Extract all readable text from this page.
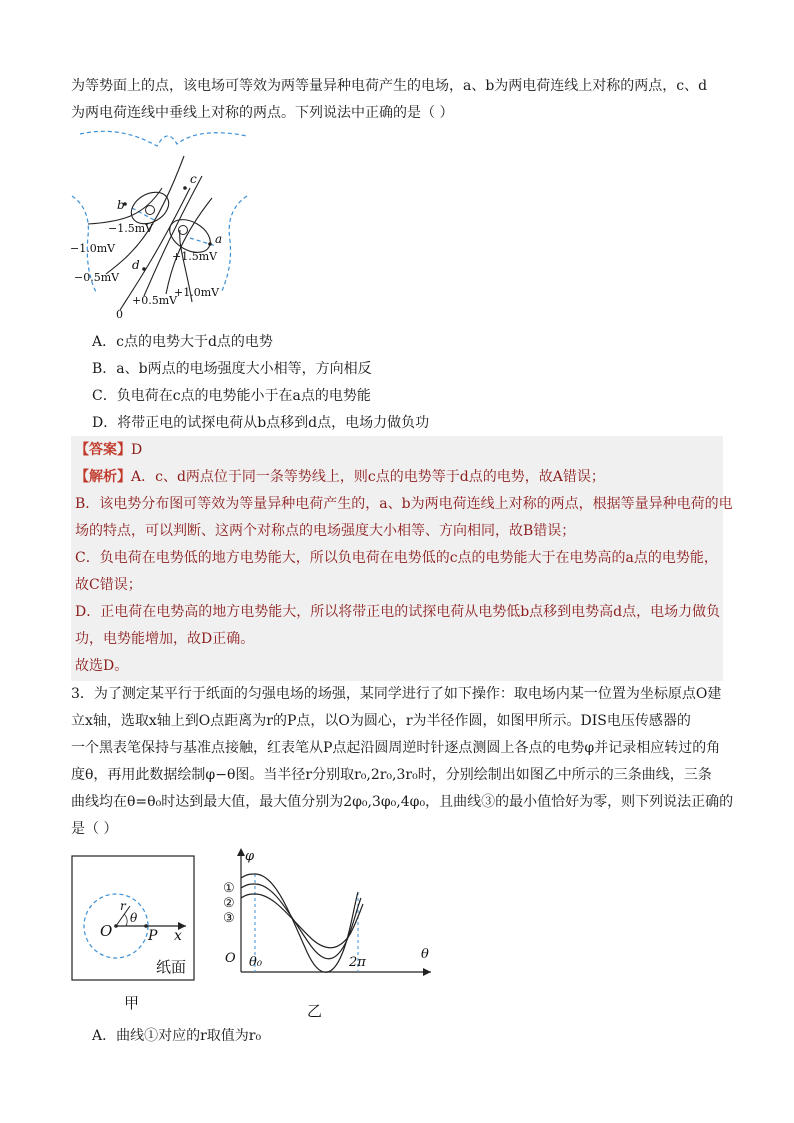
为等势面上的点，该电场可等效为两等量异种电荷产生的电场，a、b为两电荷连线上对称的两点，c、d
为两电荷连线中垂线上对称的两点。下列说法中正确的是（ ）
b
c
a
d
0
−1.5mV
−1.0mV
−0.5mV
+1.5mV
+1.0mV
+0.5mV
A．c点的电势大于d点的电势
B．a、b两点的电场强度大小相等，方向相反
C．负电荷在c点的电势能小于在a点的电势能
D．将带正电的试探电荷从b点移到d点，电场力做负功
【答案】D
【解析】A．c、d两点位于同一条等势线上，则c点的电势等于d点的电势，故A错误；
B．该电势分布图可等效为等量异种电荷产生的，a、b为两电荷连线上对称的两点，根据等量异种电荷的电
场的特点，可以判断、这两个对称点的电场强度大小相等、方向相同，故B错误；
C．负电荷在电势低的地方电势能大，所以负电荷在电势低的c点的电势能大于在电势高的a点的电势能，
故C错误；
D．正电荷在电势高的地方电势能大，所以将带正电的试探电荷从电势低b点移到电势高d点，电场力做负
功，电势能增加，故D正确。
故选D。
3．为了测定某平行于纸面的匀强电场的场强，某同学进行了如下操作：取电场内某一位置为坐标原点O建
立x轴，选取x轴上到O点距离为r的P点，以O为圆心，r为半径作圆，如图甲所示。DIS电压传感器的
一个黑表笔保持与基准点接触，红表笔从P点起沿圆周逆时针逐点测圆上各点的电势φ并记录相应转过的角
度θ，再用此数据绘制φ−θ图。当半径r分别取r₀,2r₀,3r₀时，分别绘制出如图乙中所示的三条曲线，三条
曲线均在θ=θ₀时达到最大值，最大值分别为2φ₀,3φ₀,4φ₀，且曲线③的最小值恰好为零，则下列说法正确的
是（ ）
r
θ
O	P x
纸面
甲
φ
①
②
③
O θ₀	2π
θ
乙
A．曲线①对应的r取值为r₀
